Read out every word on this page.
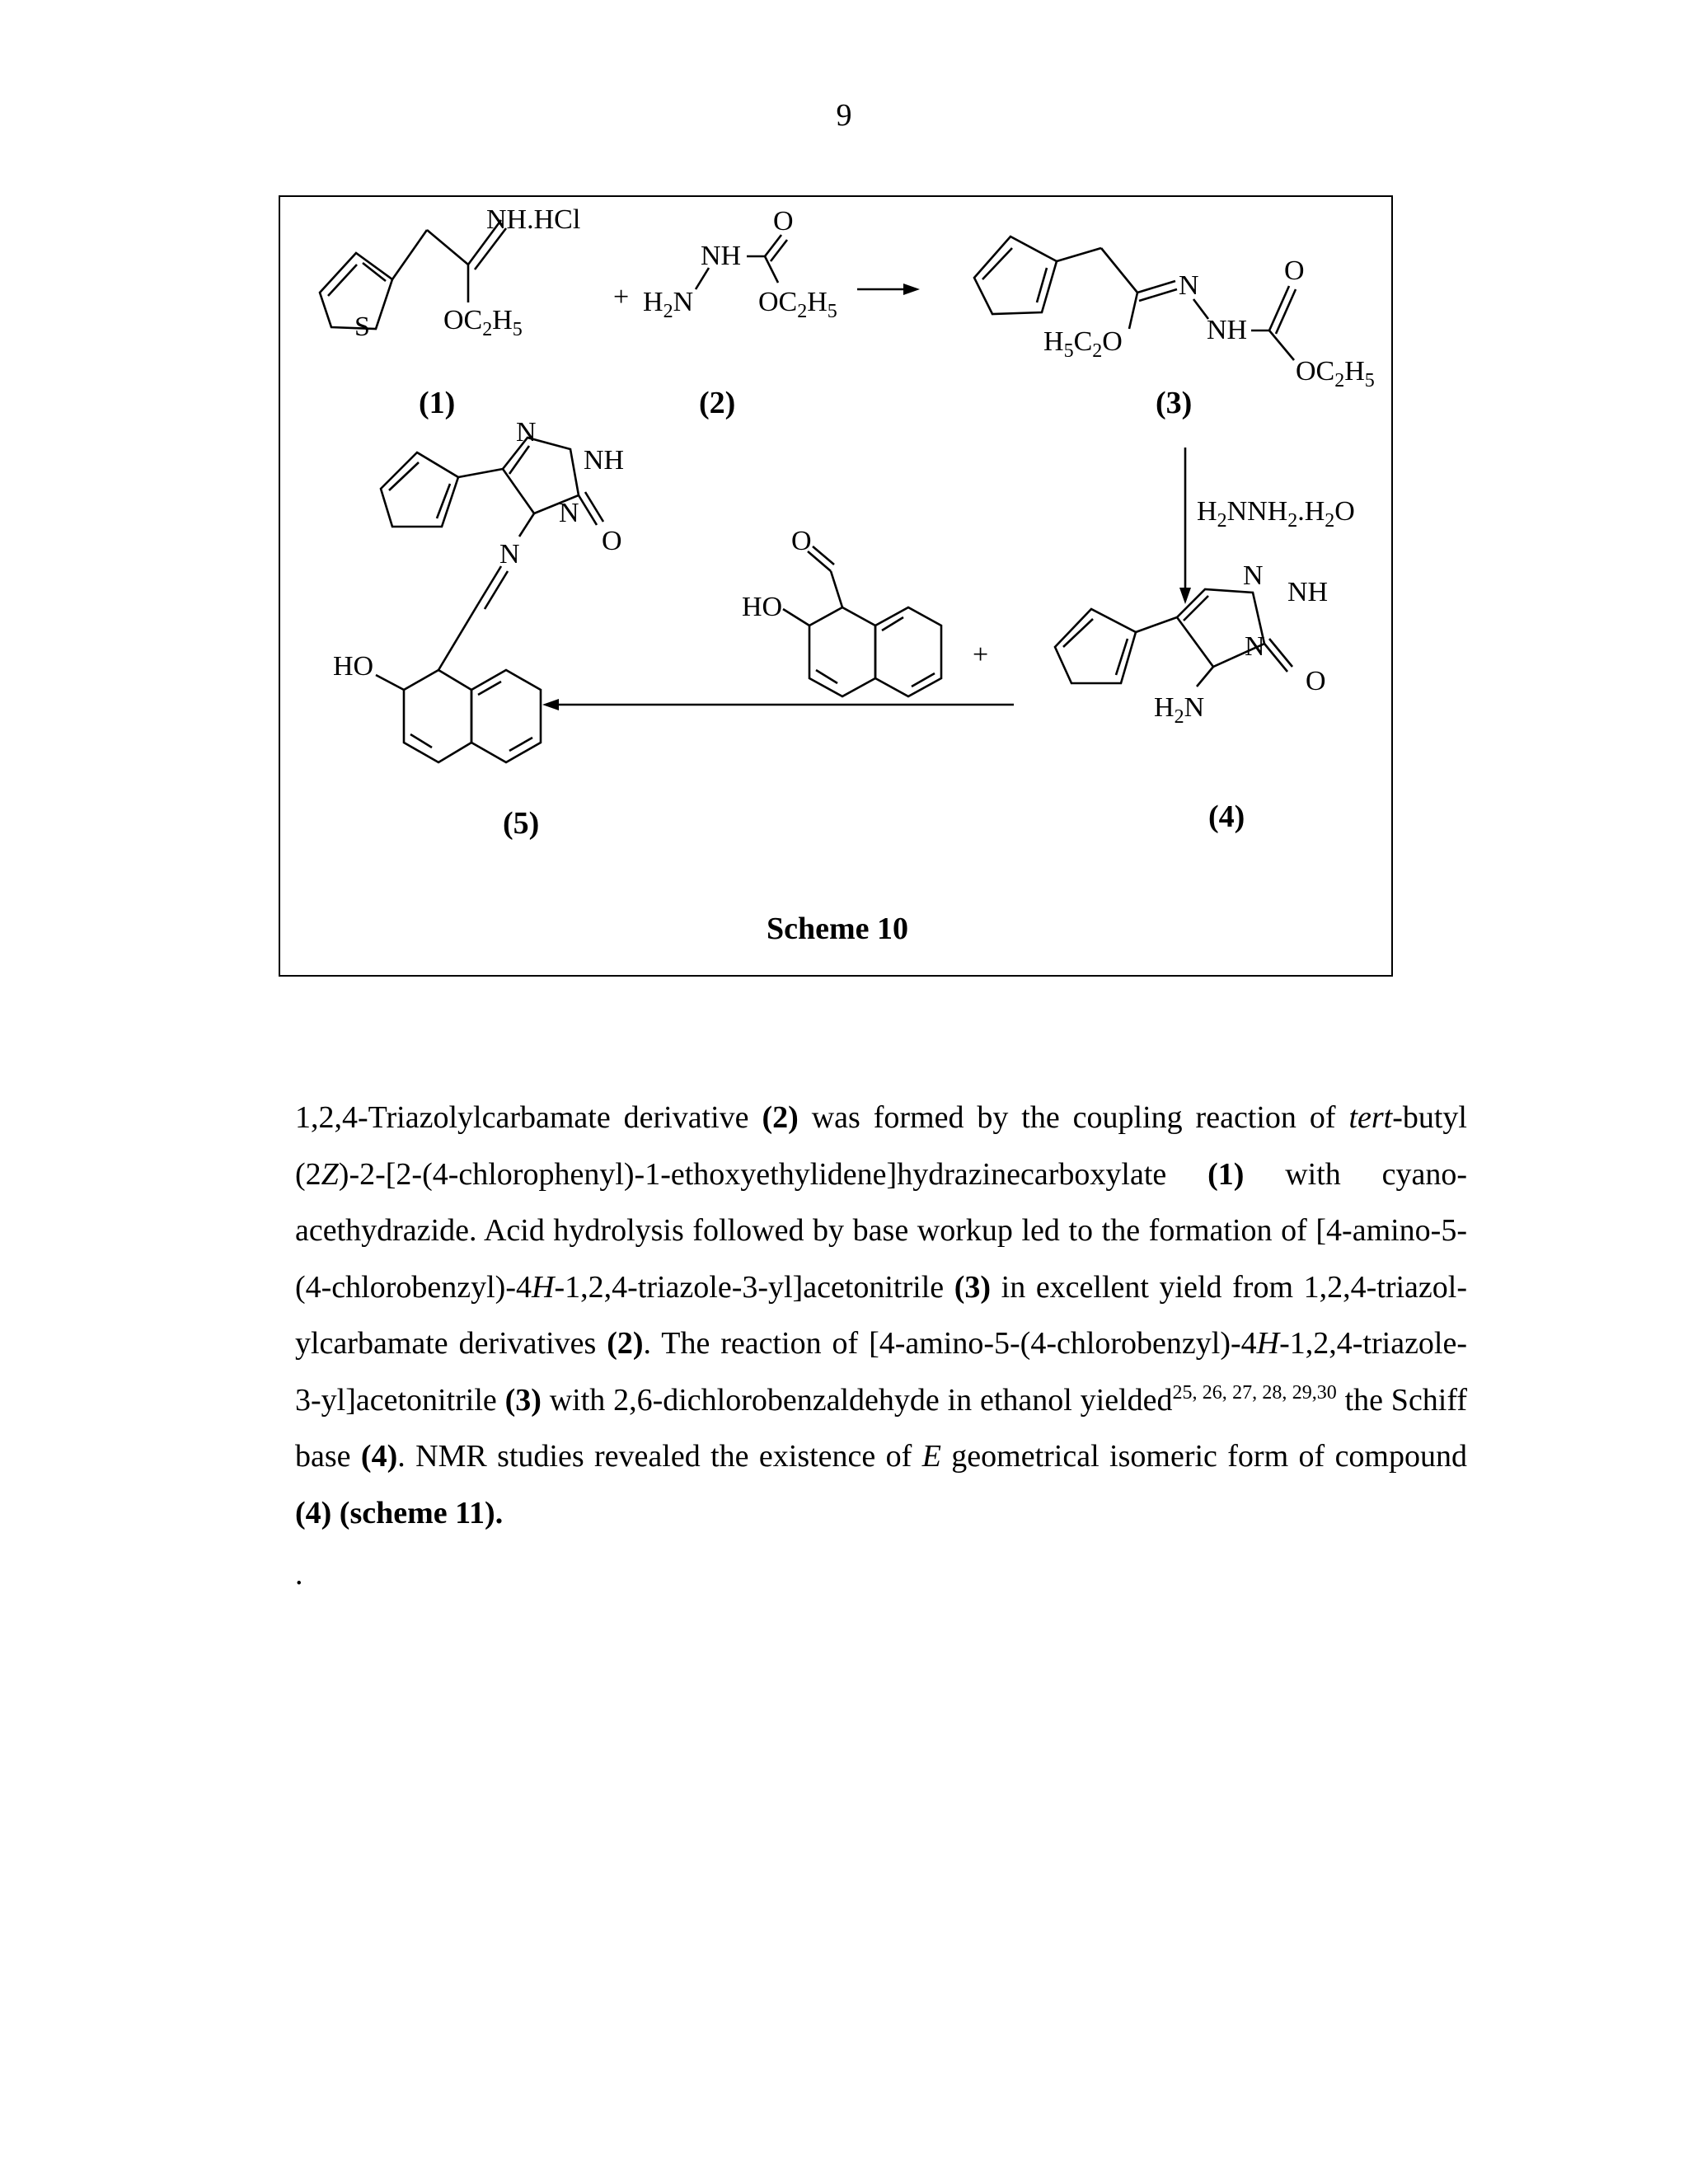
9
S
NH.HCl
$OC_2H_5$
(1)
+ $H_2N$
NH
O
$OC_2H_5$
(2)
$H_5C_2O$
N
NH
O
$OC_2H_5$
(3)
$H_2NNH_2.H_2O$
N
N
NH
O
$H_2N$
(4)
+
O
HO
NH
N
N
O
N
HO
(5)
Scheme 10

1,2,4-Triazolylcarbamate derivative (2) was formed by the coupling reaction of tert-butyl (2Z)-2-[2-(4-chlorophenyl)-1-ethoxyethylidene]hydrazinecarboxylate (1) with cyano-acethydrazide. Acid hydrolysis followed by base workup led to the formation of [4-amino-5-(4-chlorobenzyl)-4H-1,2,4-triazole-3-yl]acetonitrile (3) in excellent yield from 1,2,4-triazol-ylcarbamate derivatives (2). The reaction of [4-amino-5-(4-chlorobenzyl)-4H-1,2,4-triazole-3-yl]acetonitrile (3) with 2,6-dichlorobenzaldehyde in ethanol yielded$^{25, 26, 27, 28, 29,30}$ the Schiff base (4). NMR studies revealed the existence of E geometrical isomeric form of compound (4) (scheme 11).

.
